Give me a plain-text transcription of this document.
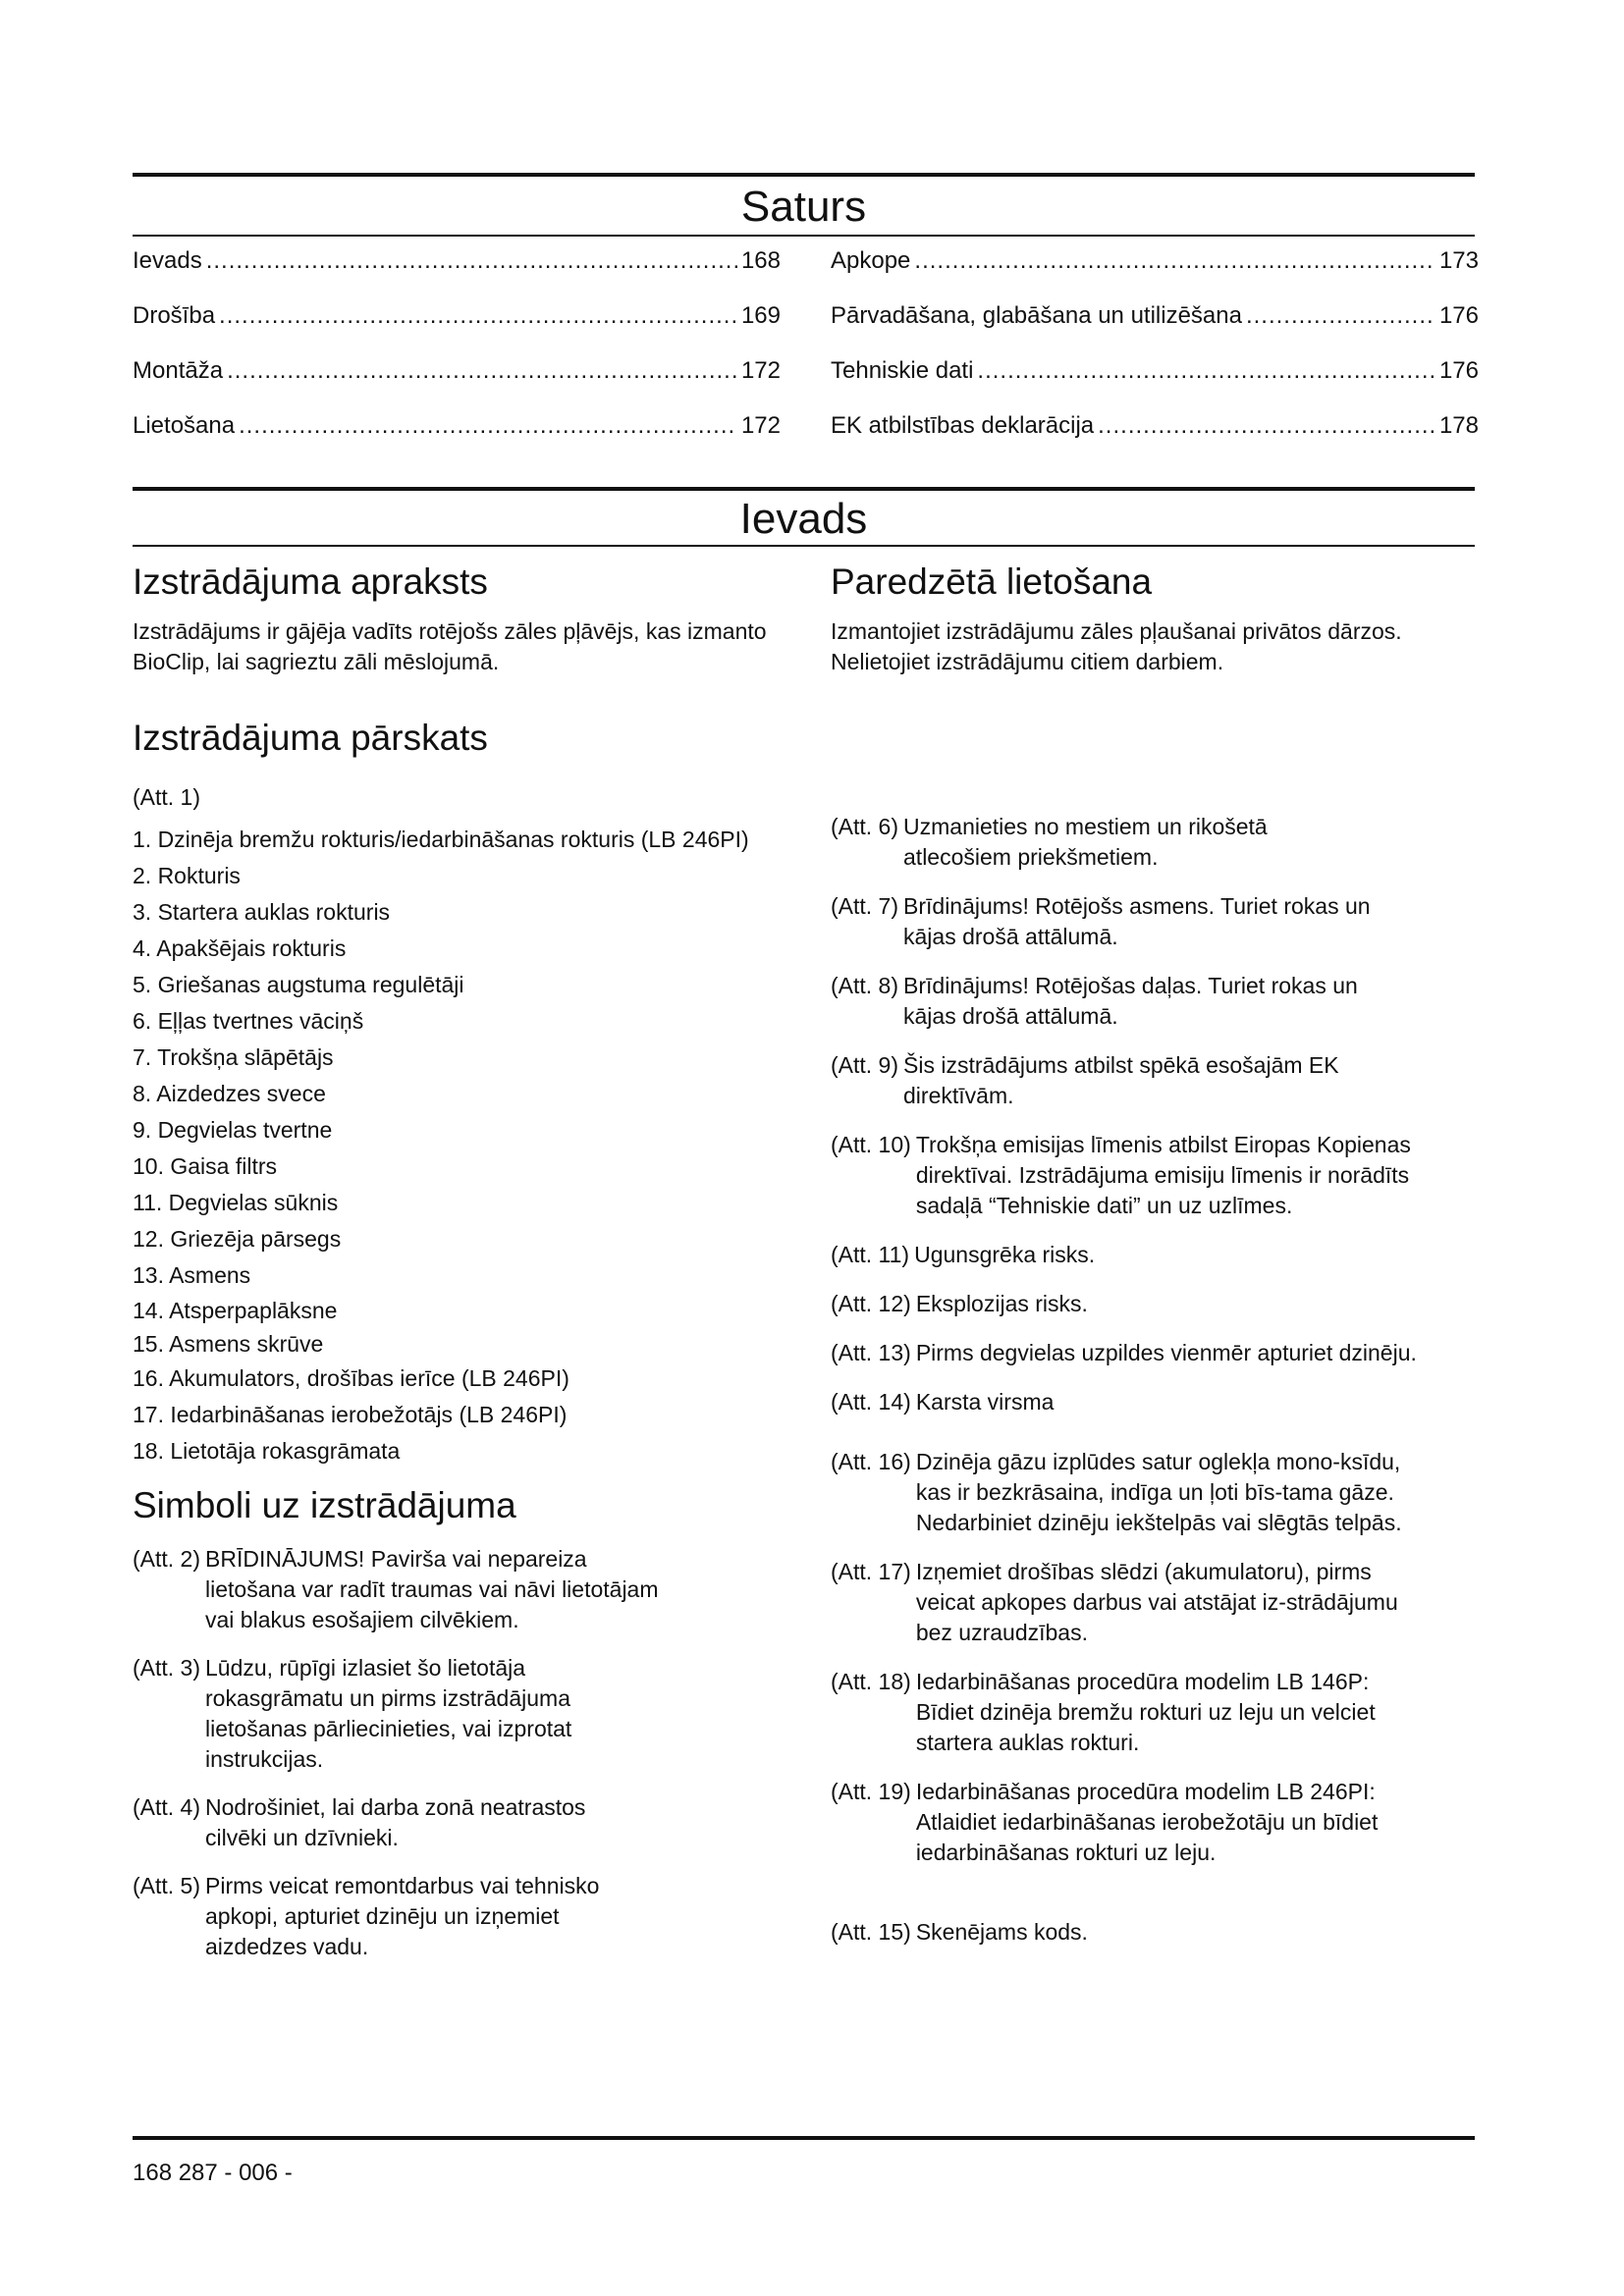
Saturs
Ievads .....	168
Drošība .....	169
Montāža .....	172
Lietošana .....	172
Apkope .....	173
Pārvadāšana, glabāšana un utilizēšana .....	176
Tehniskie dati .....	176
EK atbilstības deklarācija .....	178
Ievads
Izstrādājuma apraksts

Izstrādājums ir gājēja vadīts rotējošs zāles pļāvējs, kas izmanto BioClip, lai sagrieztu zāli mēslojumā.

Izstrādājuma pārskats

(Att. 1)

1. Dzinēja bremžu rokturis/iedarbināšanas rokturis (LB 246PI)
2. Rokturis
3. Startera auklas rokturis
4. Apakšējais rokturis
5. Griešanas augstuma regulētāji
6. Eļļas tvertnes vāciņš
7. Trokšņa slāpētājs
8. Aizdedzes svece
9. Degvielas tvertne
10. Gaisa filtrs
11. Degvielas sūknis
12. Griezēja pārsegs
13. Asmens
14. Atsperpaplāksne
15. Asmens skrūve
16. Akumulators, drošības ierīce (LB 246PI)
17. Iedarbināšanas ierobežotājs (LB 246PI)
18. Lietotāja rokasgrāmata
Simboli uz izstrādājuma
(Att. 2) BRĪDINĀJUMS! Pavirša vai nepareiza lietošana var radīt traumas vai nāvi lietotājam vai blakus esošajiem cilvēkiem.
(Att. 3) Lūdzu, rūpīgi izlasiet šo lietotāja rokasgrāmatu un pirms izstrādājuma lietošanas pārliecinieties, vai izprotat instrukcijas.
(Att. 4) Nodrošiniet, lai darba zonā neatrastos cilvēki un dzīvnieki.
(Att. 5) Pirms veicat remontdarbus vai tehnisko apkopi, apturiet dzinēju un izņemiet aizdedzes vadu.
Paredzētā lietošana

Izmantojiet izstrādājumu zāles pļaušanai privātos dārzos. Nelietojiet izstrādājumu citiem darbiem.

(Att. 6) Uzmanieties no mestiem un rikošetā atlecošiem priekšmetiem.
(Att. 7) Brīdinājums! Rotējošs asmens. Turiet rokas un kājas drošā attālumā.
(Att. 8) Brīdinājums! Rotējošas daļas. Turiet rokas un kājas drošā attālumā.
(Att. 9) Šis izstrādājums atbilst spēkā esošajām EK direktīvām.
(Att. 10) Trokšņa emisijas līmenis atbilst Eiropas Kopienas direktīvai. Izstrādājuma emisiju līmenis ir norādīts sadaļā “Tehniskie dati” un uz uzlīmes.
(Att. 11) Ugunsgrēka risks.
(Att. 12) Eksplozijas risks.
(Att. 13) Pirms degvielas uzpildes vienmēr apturiet dzinēju.
(Att. 14) Karsta virsma
(Att. 16) Dzinēja gāzu izplūdes satur oglekļa mono-ksīdu, kas ir bezkrāsaina, indīga un ļoti bīs-tama gāze. Nedarbiniet dzinēju iekštelpās vai slēgtās telpās.
(Att. 17) Izņemiet drošības slēdzi (akumulatoru), pirms veicat apkopes darbus vai atstājat iz-strādājumu bez uzraudzības.
(Att. 18) Iedarbināšanas procedūra modelim LB 146P: Bīdiet dzinēja bremžu rokturi uz leju un velciet startera auklas rokturi.
(Att. 19) Iedarbināšanas procedūra modelim LB 246PI: Atlaidiet iedarbināšanas ierobežotāju un bīdiet iedarbināšanas rokturi uz leju.
(Att. 15) Skenējams kods.
168 287 - 006 -
